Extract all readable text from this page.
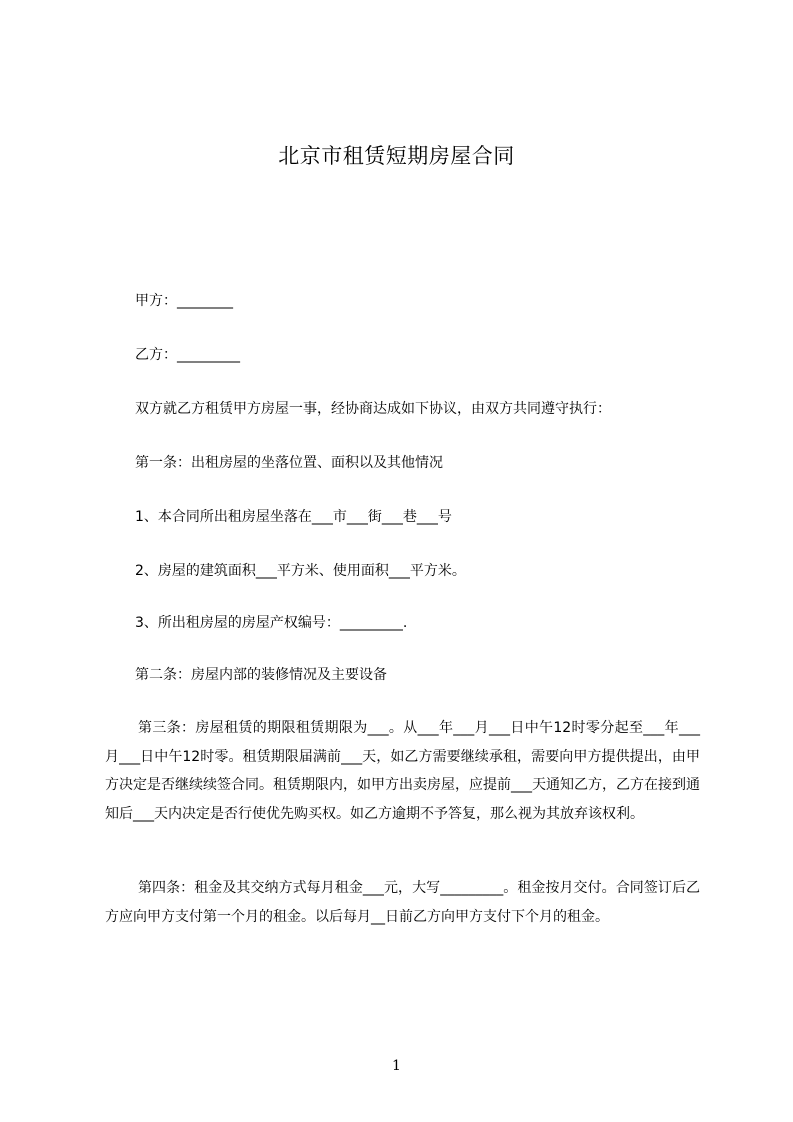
北京市租赁短期房屋合同
甲方：________
乙方：_________
双方就乙方租赁甲方房屋一事，经协商达成如下协议，由双方共同遵守执行：
第一条：出租房屋的坐落位置、面积以及其他情况
1、本合同所出租房屋坐落在___市___街___巷___号
2、房屋的建筑面积___平方米、使用面积___平方米。
3、所出租房屋的房屋产权编号：_________.
第二条：房屋内部的装修情况及主要设备
第三条：房屋租赁的期限租赁期限为___。从___年___月___日中午12时零分起至___年___月___日中午12时零。租赁期限届满前___天，如乙方需要继续承租，需要向甲方提供提出，由甲方决定是否继续续签合同。租赁期限内，如甲方出卖房屋，应提前___天通知乙方，乙方在接到通知后___天内决定是否行使优先购买权。如乙方逾期不予答复，那么视为其放弃该权利。
第四条：租金及其交纳方式每月租金___元，大写_________。租金按月交付。合同签订后乙方应向甲方支付第一个月的租金。以后每月__日前乙方向甲方支付下个月的租金。
1
